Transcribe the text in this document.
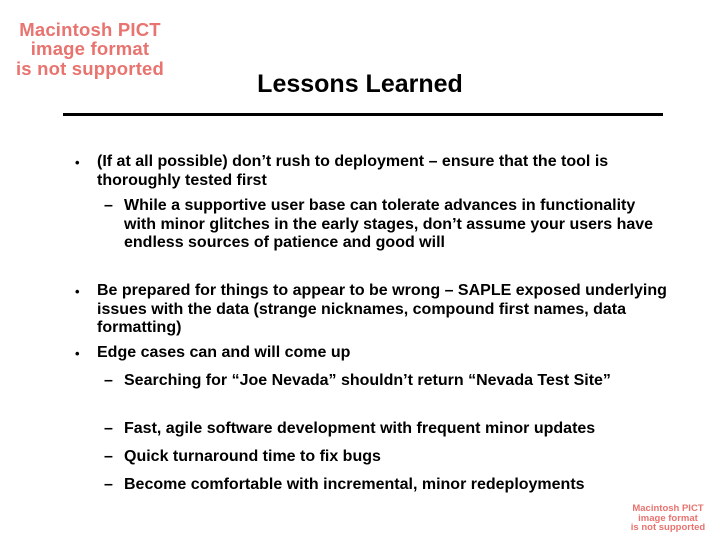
Macintosh PICT
image format
is not supported
Lessons Learned
• (If at all possible) don’t rush to deployment – ensure that the tool is thoroughly tested first
– While a supportive user base can tolerate advances in functionality with minor glitches in the early stages, don’t assume your users have endless sources of patience and good will
• Be prepared for things to appear to be wrong – SAPLE exposed underlying issues with the data (strange nicknames, compound first names, data formatting)
• Edge cases can and will come up
– Searching for “Joe Nevada” shouldn’t return “Nevada Test Site”
– Fast, agile software development with frequent minor updates
– Quick turnaround time to fix bugs
– Become comfortable with incremental, minor redeployments
Macintosh PICT
image format
is not supported
